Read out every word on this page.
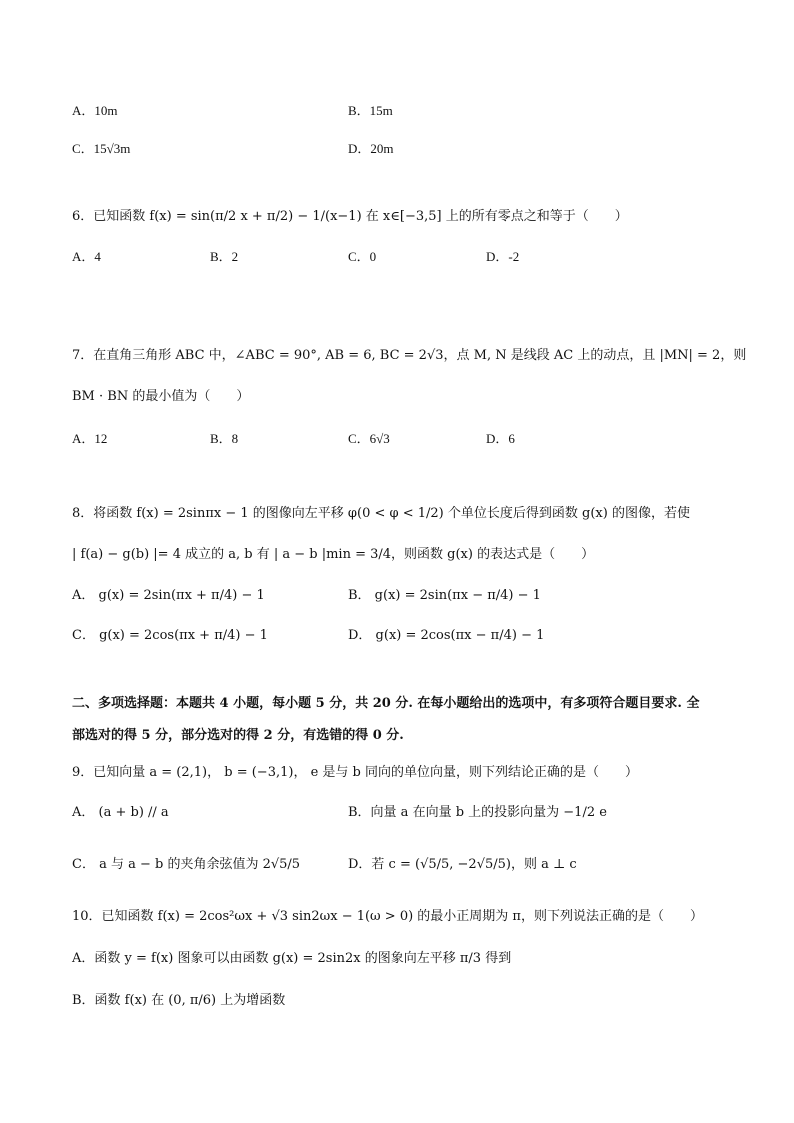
A．10m	B．15m
C．15√3m	D．20m
6．已知函数 f(x) = sin(π/2 x + π/2) − 1/(x−1) 在 x∈[−3,5] 上的所有零点之和等于（　　）
A．4	B．2	C．0	D．-2
7．在直角三角形 ABC 中，∠ABC = 90°, AB = 6, BC = 2√3，点 M, N 是线段 AC 上的动点，且 |MN| = 2，则
BM · BN 的最小值为（　　）
A．12	B．8	C．6√3	D．6
8．将函数 f(x) = 2sinπx − 1 的图像向左平移 φ(0 < φ < 1/2) 个单位长度后得到函数 g(x) 的图像，若使
| f(a) − g(b) |= 4 成立的 a, b 有 | a − b |min = 3/4，则函数 g(x) 的表达式是（　　）
A． g(x) = 2sin(πx + π/4) − 1	B． g(x) = 2sin(πx − π/4) − 1
C． g(x) = 2cos(πx + π/4) − 1	D． g(x) = 2cos(πx − π/4) − 1
二、多项选择题：本题共 4 小题，每小题 5 分，共 20 分. 在每小题给出的选项中，有多项符合题目要求. 全
部选对的得 5 分，部分选对的得 2 分，有选错的得 0 分.
9．已知向量 a = (2,1)， b = (−3,1)， e 是与 b 同向的单位向量，则下列结论正确的是（　　）
A． (a + b) // a	B．向量 a 在向量 b 上的投影向量为 −1/2 e
C． a 与 a − b 的夹角余弦值为 2√5/5	D．若 c = (√5/5, −2√5/5)，则 a ⊥ c
10．已知函数 f(x) = 2cos²ωx + √3 sin2ωx − 1(ω > 0) 的最小正周期为 π，则下列说法正确的是（　　）
A．函数 y = f(x) 图象可以由函数 g(x) = 2sin2x 的图象向左平移 π/3 得到
B．函数 f(x) 在 (0, π/6) 上为增函数
